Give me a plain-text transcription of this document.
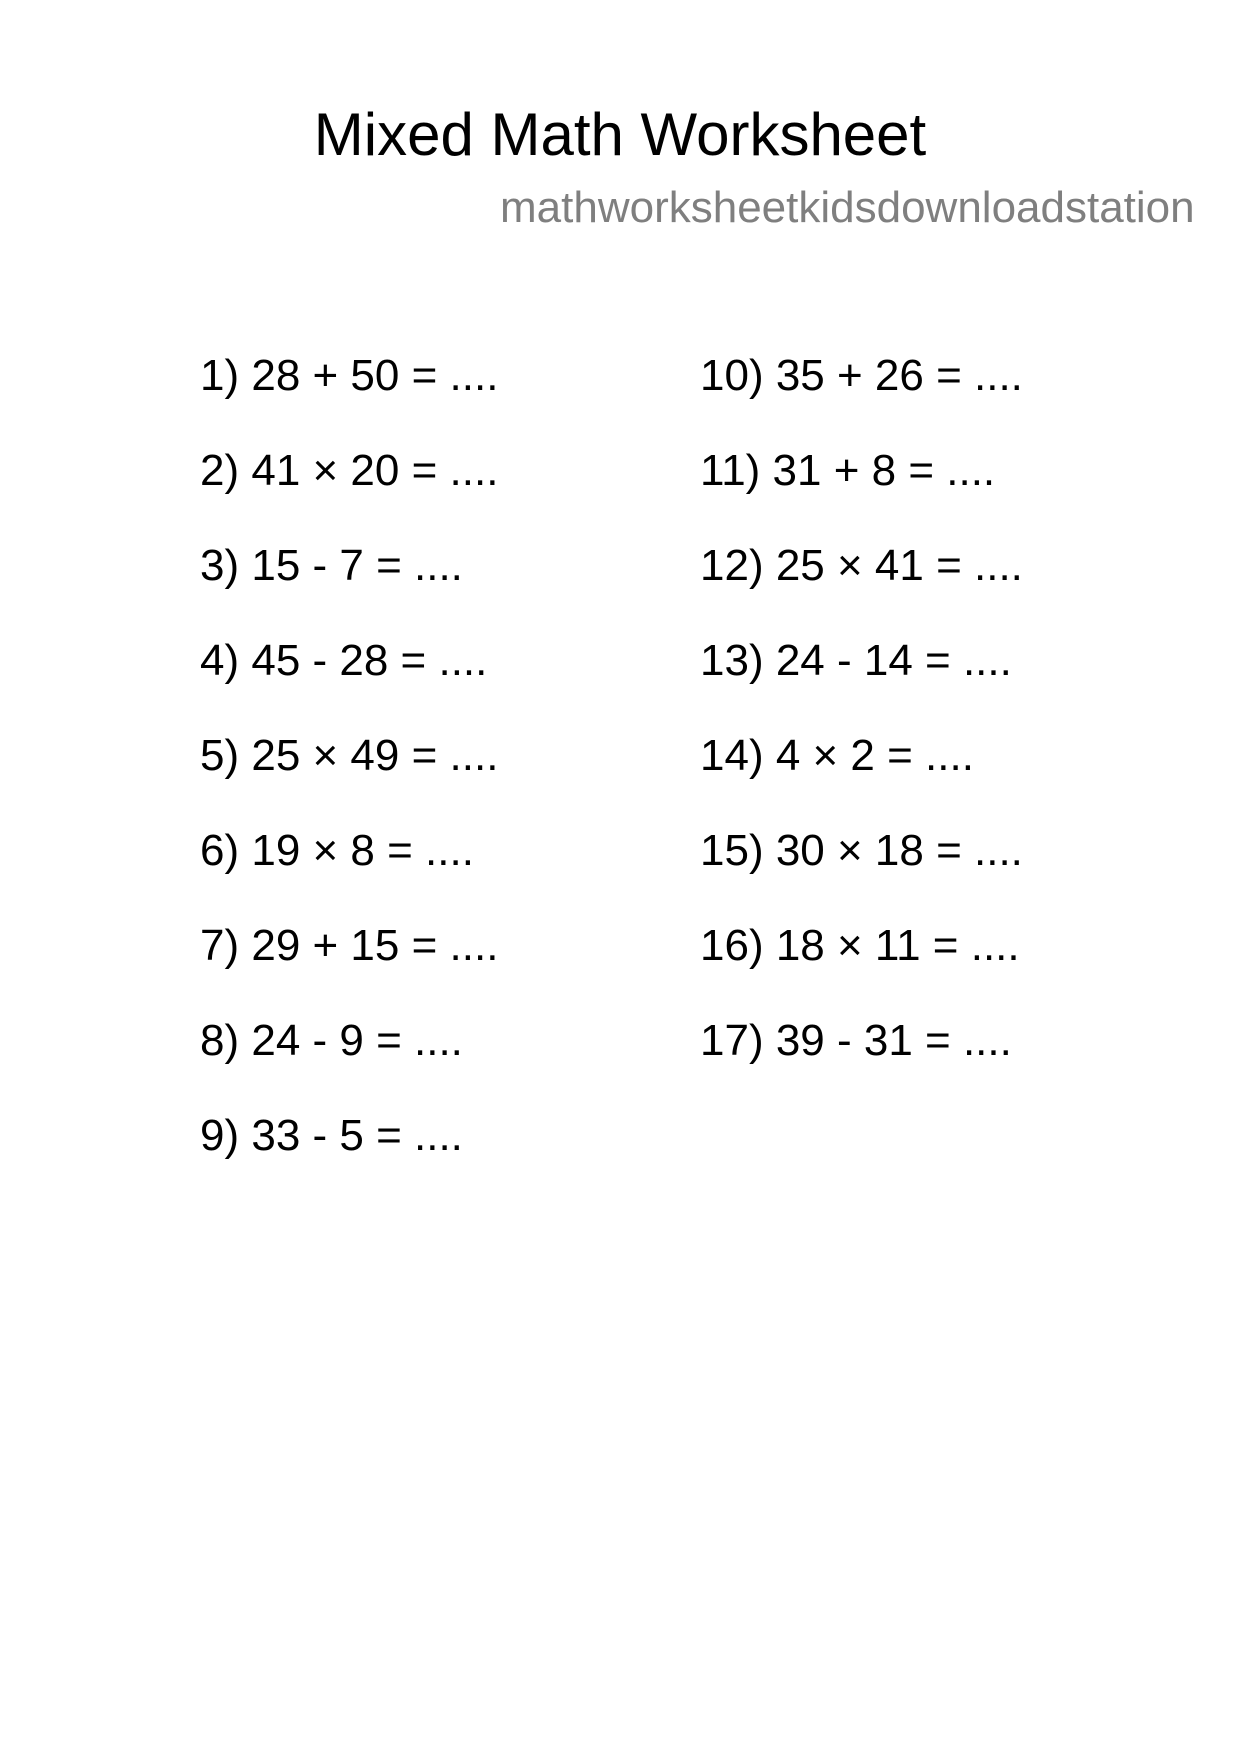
Mixed Math Worksheet
mathworksheetkidsdownloadstation
1) 28 + 50 = ....
2) 41 × 20 = ....
3) 15 - 7 = ....
4) 45 - 28 = ....
5) 25 × 49 = ....
6) 19 × 8 = ....
7) 29 + 15 = ....
8) 24 - 9 = ....
9) 33 - 5 = ....
10) 35 + 26 = ....
11) 31 + 8 = ....
12) 25 × 41 = ....
13) 24 - 14 = ....
14) 4 × 2 = ....
15) 30 × 18 = ....
16) 18 × 11 = ....
17) 39 - 31 = ....
